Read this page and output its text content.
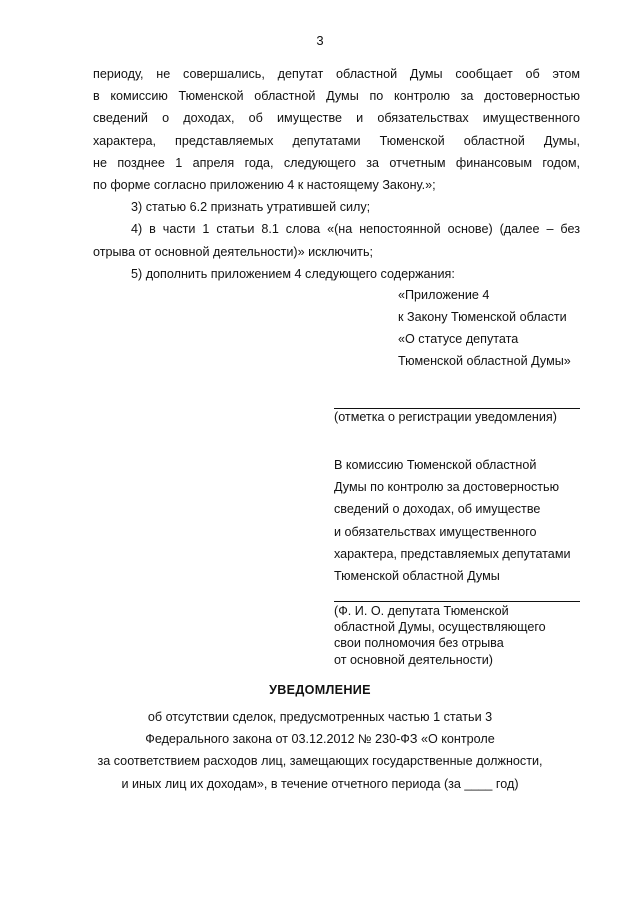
3
периоду, не совершались, депутат областной Думы сообщает об этом
в комиссию Тюменской областной Думы по контролю за достоверностью
сведений о доходах, об имуществе и обязательствах имущественного
характера, представляемых депутатами Тюменской областной Думы,
не позднее 1 апреля года, следующего за отчетным финансовым годом,
по форме согласно приложению 4 к настоящему Закону.»;
3) статью 6.2 признать утратившей силу;
4) в части 1 статьи 8.1 слова «(на непостоянной основе) (далее – без
отрыва от основной деятельности)» исключить;
5) дополнить приложением 4 следующего содержания:
«Приложение 4
к Закону Тюменской области
«О статусе депутата
Тюменской областной Думы»
(отметка о регистрации уведомления)
В комиссию Тюменской областной
Думы по контролю за достоверностью
сведений о доходах, об имуществе
и обязательствах имущественного
характера, представляемых депутатами
Тюменской областной Думы
(Ф. И. О. депутата Тюменской
областной Думы, осуществляющего
свои полномочия без отрыва
от основной деятельности)
УВЕДОМЛЕНИЕ
об отсутствии сделок, предусмотренных частью 1 статьи 3
Федерального закона от 03.12.2012 № 230-ФЗ «О контроле
за соответствием расходов лиц, замещающих государственные должности,
и иных лиц их доходам», в течение отчетного периода (за ____ год)
